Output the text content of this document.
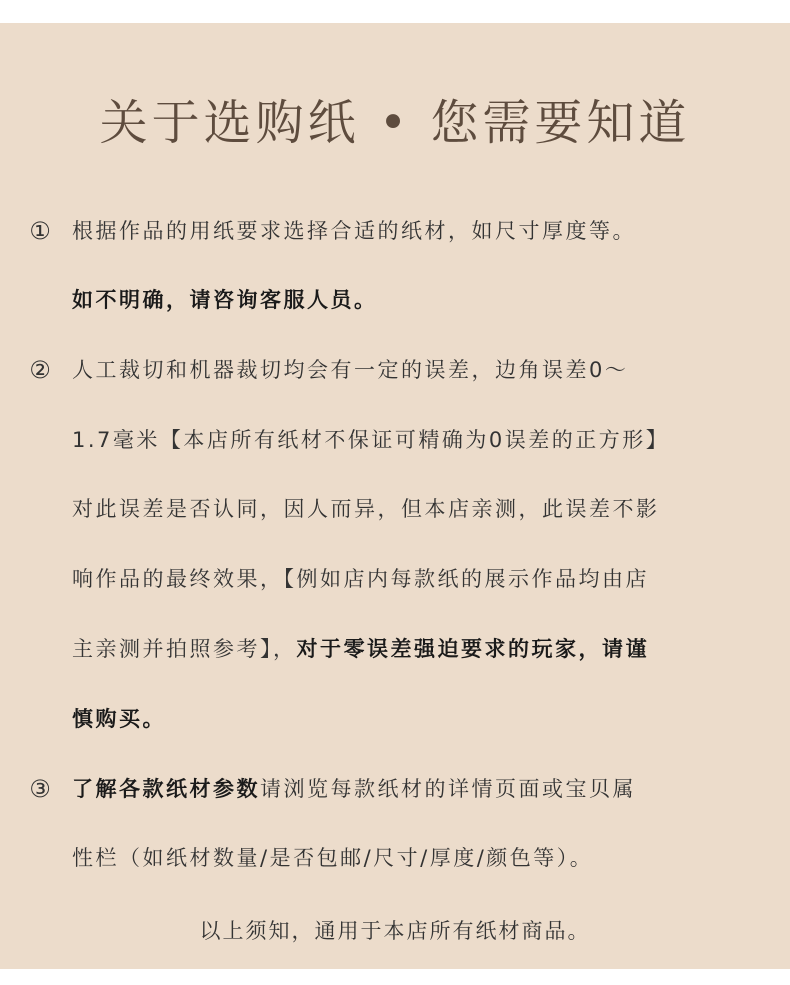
关于选购纸 • 您需要知道
① 根据作品的用纸要求选择合适的纸材，如尺寸厚度等。
如不明确，请咨询客服人员。
② 人工裁切和机器裁切均会有一定的误差，边角误差0～
1.7毫米【本店所有纸材不保证可精确为0误差的正方形】
对此误差是否认同，因人而异，但本店亲测，此误差不影
响作品的最终效果，【例如店内每款纸的展示作品均由店
主亲测并拍照参考】，对于零误差强迫要求的玩家，请谨
慎购买。
③ 了解各款纸材参数请浏览每款纸材的详情页面或宝贝属
性栏（如纸材数量/是否包邮/尺寸/厚度/颜色等）。
以上须知，通用于本店所有纸材商品。
